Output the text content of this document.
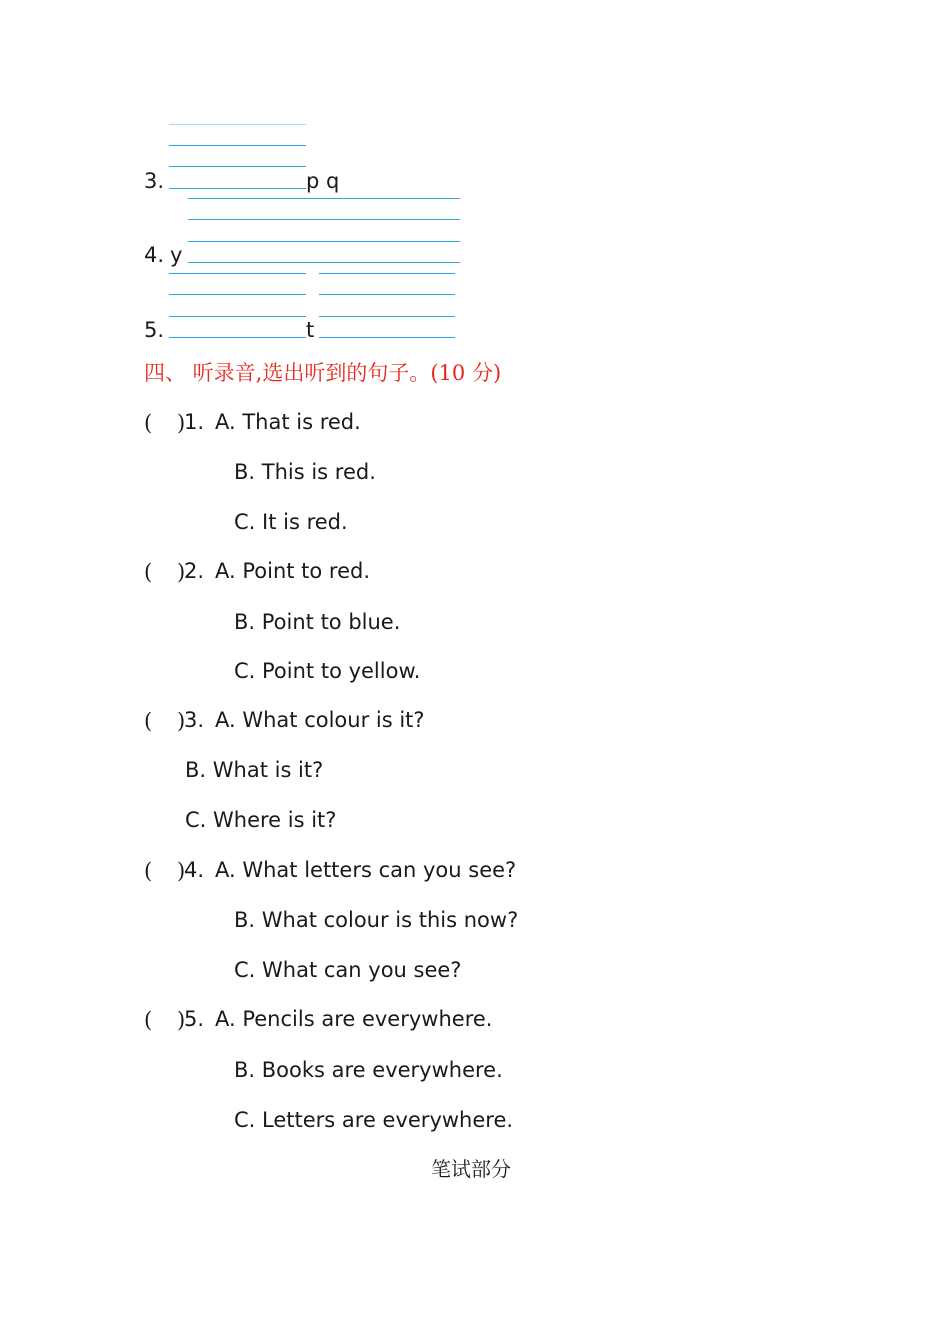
3.	p q
4. y
5.	t
四、 听录音,选出听到的句子。(10 分)
( )
1. A. That is red.
B. This is red.
C. It is red.
( )
2. A. Point to red.
B. Point to blue.
C. Point to yellow.
( )
3. A. What colour is it?
B. What is it?
C. Where is it?
( )
4. A. What letters can you see?
B. What colour is this now?
C. What can you see?
( )
5. A. Pencils are everywhere.
B. Books are everywhere.
C. Letters are everywhere.
笔试部分
